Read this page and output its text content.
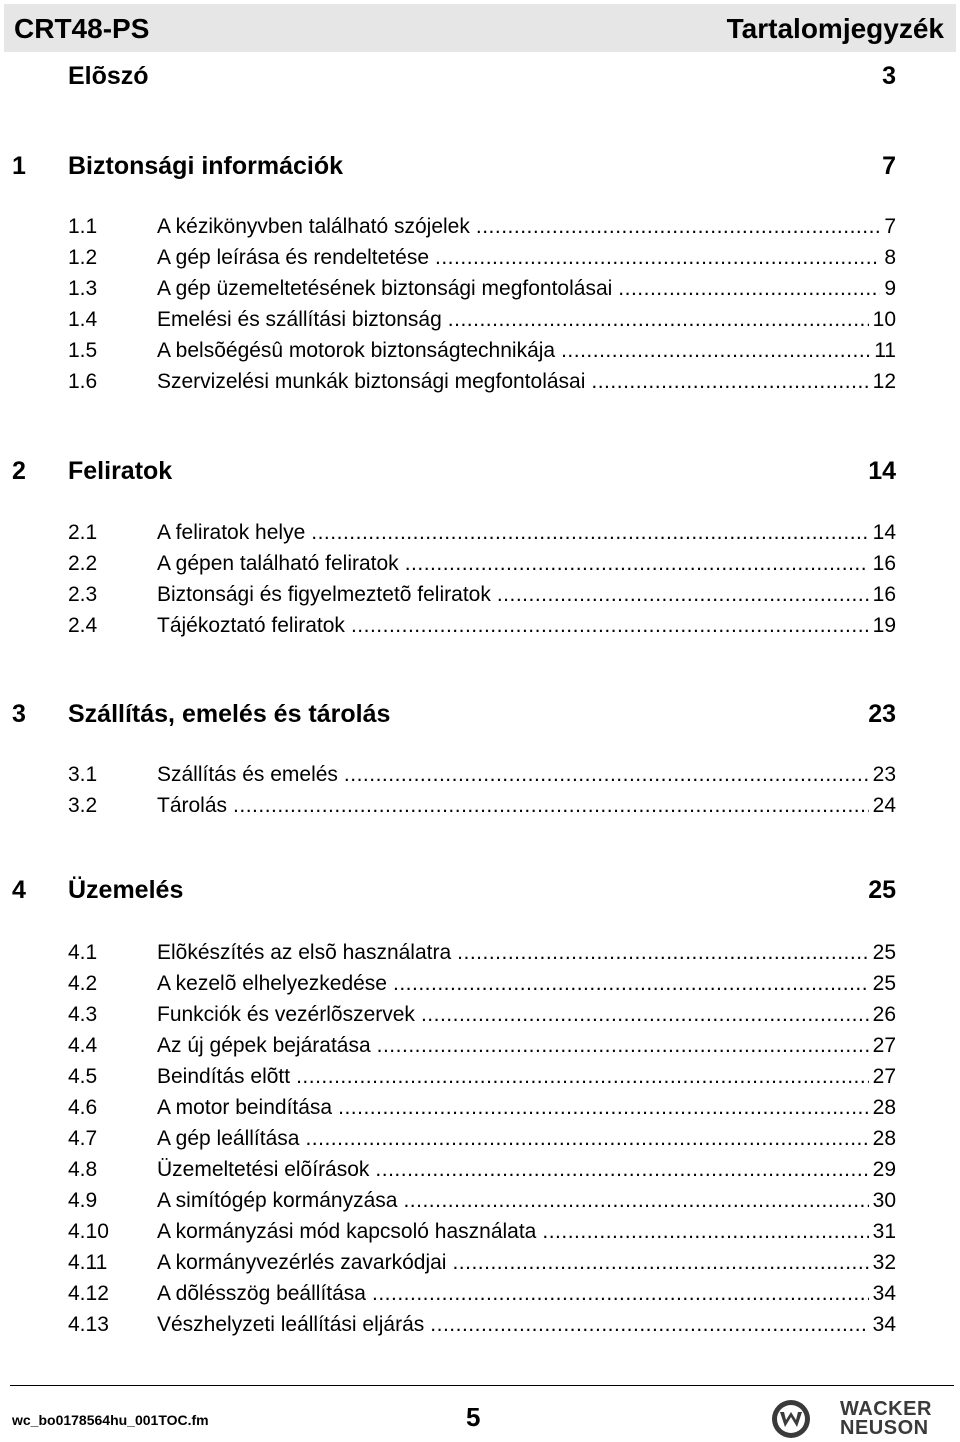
CRT48-PS	Tartalomjegyzék
Elõszó	3
1 Biztonsági információk	7
1.1	A kézikönyvben található szójelek .....	7
1.2	A gép leírása és rendeltetése .....	8
1.3	A gép üzemeltetésének biztonsági megfontolásai .....	9
1.4	Emelési és szállítási biztonság .....	10
1.5	A belsõégésû motorok biztonságtechnikája .....	11
1.6	Szervizelési munkák biztonsági megfontolásai .....	12
2 Feliratok	14
2.1	A feliratok helye .....	14
2.2	A gépen található feliratok .....	16
2.3	Biztonsági és figyelmeztetõ feliratok .....	16
2.4	Tájékoztató feliratok .....	19
3 Szállítás, emelés és tárolás	23
3.1	Szállítás és emelés .....	23
3.2	Tárolás .....	24
4 Üzemelés	25
4.1	Elõkészítés az elsõ használatra .....	25
4.2	A kezelõ elhelyezkedése .....	25
4.3	Funkciók és vezérlõszervek .....	26
4.4	Az új gépek bejáratása .....	27
4.5	Beindítás elõtt .....	27
4.6	A motor beindítása .....	28
4.7	A gép leállítása .....	28
4.8	Üzemeltetési elõírások .....	29
4.9	A simítógép kormányzása .....	30
4.10 A kormányzási mód kapcsoló használata .....	31
4.11 A kormányvezérlés zavarkódjai .....	32
4.12 A dõlésszög beállítása .....	34
4.13 Vészhelyzeti leállítási eljárás .....	34
wc_bo0178564hu_001TOC.fm	5	WACKER
NEUSON
